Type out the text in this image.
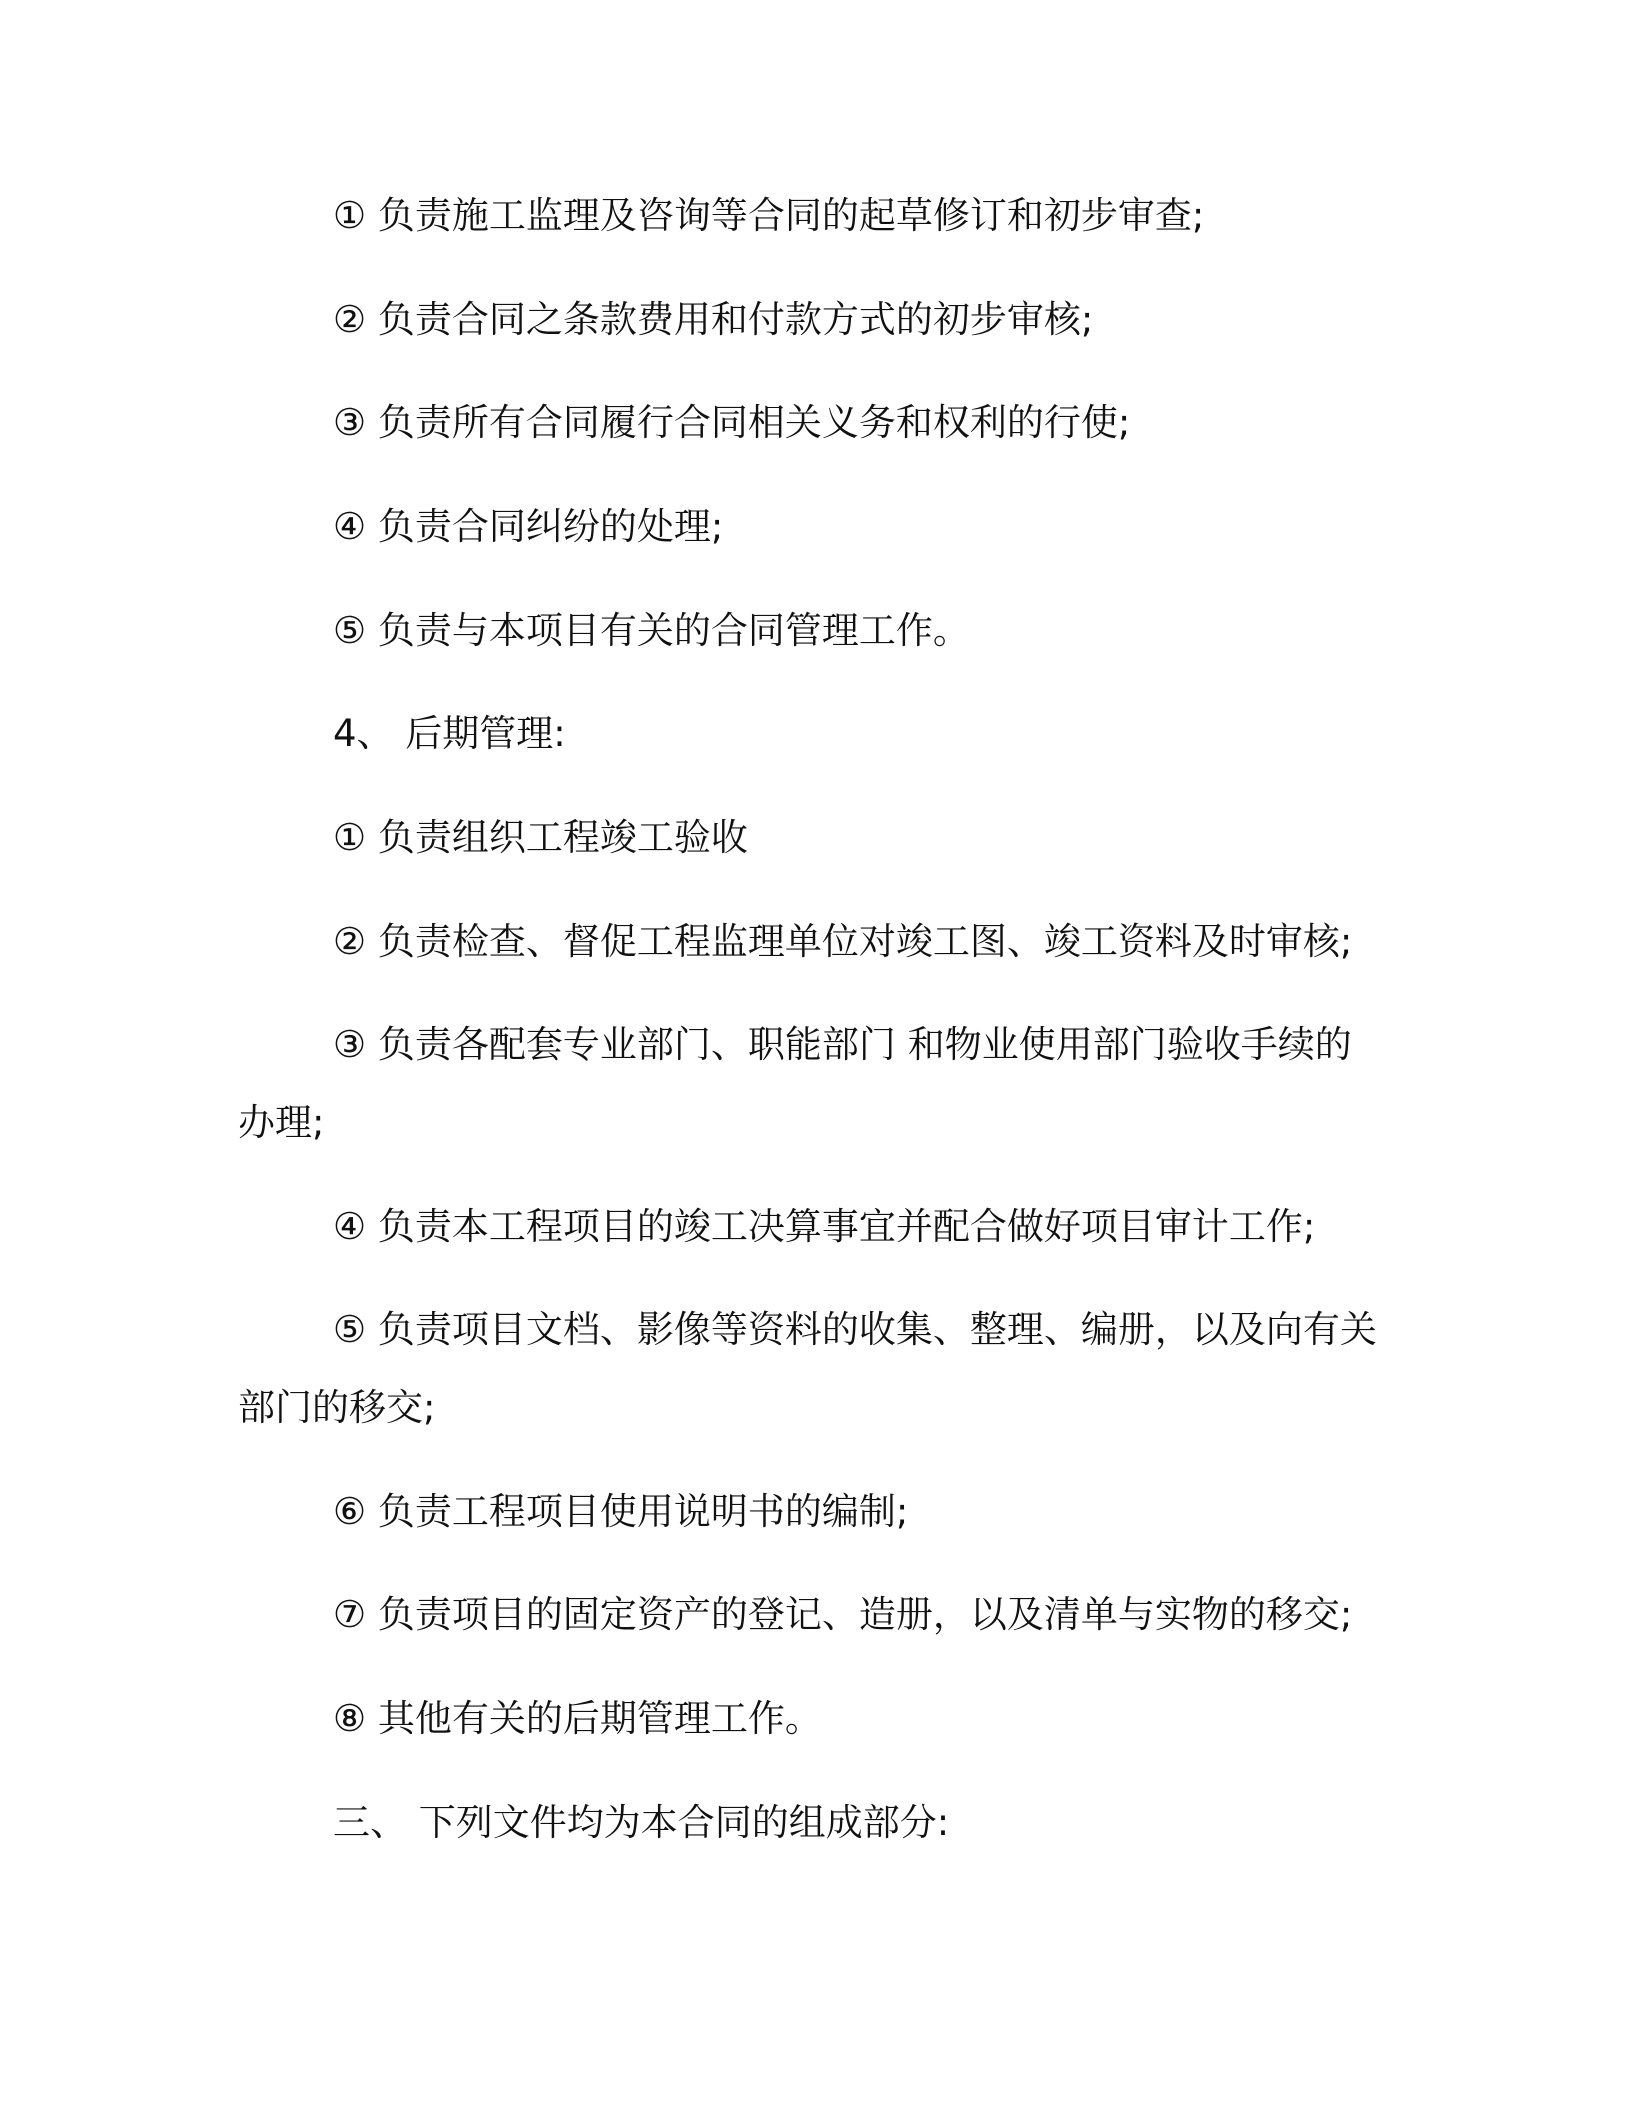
① 负责施工监理及咨询等合同的起草修订和初步审查;

② 负责合同之条款费用和付款方式的初步审核;

③ 负责所有合同履行合同相关义务和权利的行使;

④ 负责合同纠纷的处理;

⑤ 负责与本项目有关的合同管理工作。

4、 后期管理:

① 负责组织工程竣工验收

② 负责检查、督促工程监理单位对竣工图、竣工资料及时审核;

③ 负责各配套专业部门、职能部门 和物业使用部门验收手续的

办理;

④ 负责本工程项目的竣工决算事宜并配合做好项目审计工作;

⑤ 负责项目文档、影像等资料的收集、整理、编册，以及向有关

部门的移交;

⑥ 负责工程项目使用说明书的编制;

⑦ 负责项目的固定资产的登记、造册，以及清单与实物的移交;

⑧ 其他有关的后期管理工作。

三、 下列文件均为本合同的组成部分:
